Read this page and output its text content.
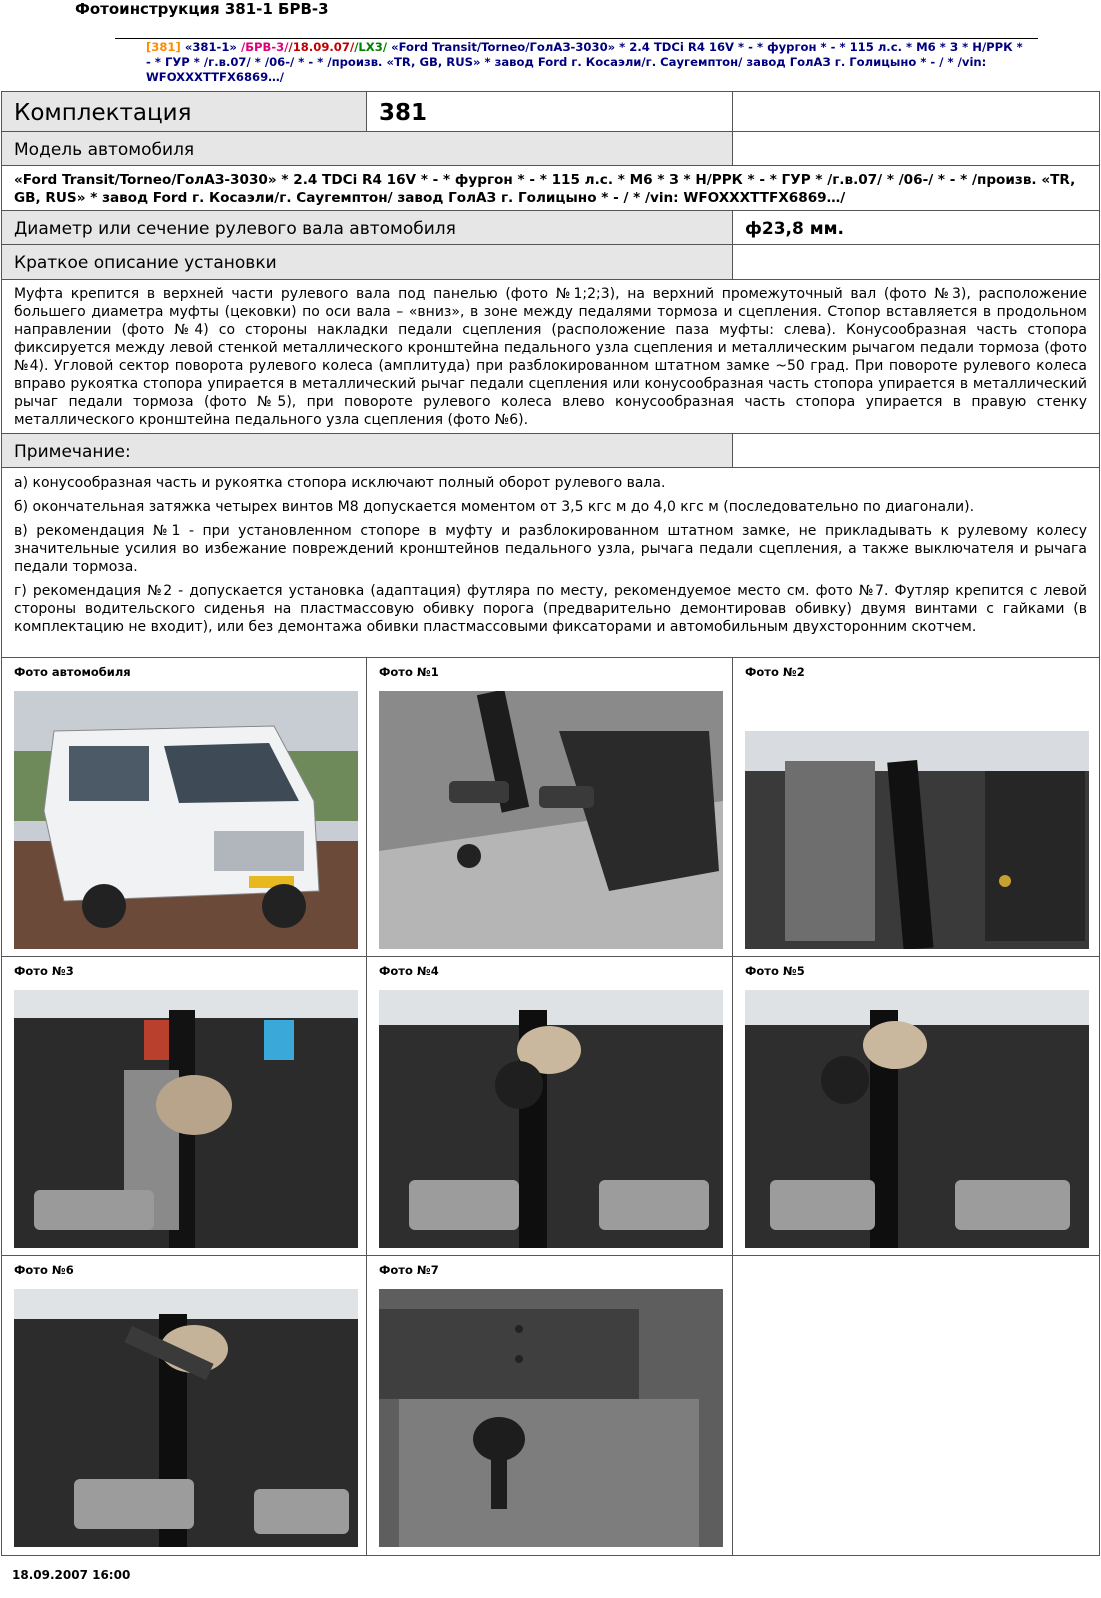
Фотоинструкция 381-1 БРВ-3
[381] «381-1» /БРВ-3//18.09.07//LX3/ «Ford Transit/Torneo/ГолАЗ-3030» * 2.4 TDCi R4 16V * - * фургон * - * 115 л.с. * М6 * З * Н/РРК * - * ГУР * /г.в.07/ * /06-/ * - * /произв. «TR, GB, RUS» * завод Ford г. Косаэли/г. Саугемптон/ завод ГолАЗ г. Голицыно * - / * /vin: WFOXXXTTFX6869…/
Комплектация	381
Модель автомобиля
«Ford Transit/Torneo/ГолАЗ-3030» * 2.4 TDCi R4 16V * - * фургон * - * 115 л.с. * М6 * З * Н/РРК * - * ГУР * /г.в.07/ * /06-/ * - * /произв. «TR, GB, RUS» * завод Ford г. Косаэли/г. Саугемптон/ завод ГолАЗ г. Голицыно * - / * /vin: WFOXXXTTFX6869…/
Диаметр или сечение рулевого вала автомобиля	ф23,8 мм.
Краткое описание установки
Муфта крепится в верхней части рулевого вала под панелью (фото №1;2;3), на верхний промежуточный вал (фото №3), расположение большего диаметра муфты (цековки) по оси вала – «вниз», в зоне между педалями тормоза и сцепления. Стопор вставляется в продольном направлении (фото №4) со стороны накладки педали сцепления (расположение паза муфты: слева). Конусообразная часть стопора фиксируется между левой стенкой металлического кронштейна педального узла сцепления и металлическим рычагом педали тормоза (фото №4). Угловой сектор поворота рулевого колеса (амплитуда) при разблокированном штатном замке ~50 град. При повороте рулевого колеса вправо рукоятка стопора упирается в металлический рычаг педали сцепления или конусообразная часть стопора упирается в металлический рычаг педали тормоза (фото №5), при повороте рулевого колеса влево конусообразная часть стопора упирается в правую стенку металлического кронштейна педального узла сцепления (фото №6).
Примечание:
а) конусообразная часть и рукоятка стопора исключают полный оборот рулевого вала.
б) окончательная затяжка четырех винтов М8 допускается моментом от 3,5 кгс м до 4,0 кгс м (последовательно по диагонали).
в) рекомендация №1 - при установленном стопоре в муфту и разблокированном штатном замке, не прикладывать к рулевому колесу значительные усилия во избежание повреждений кронштейнов педального узла, рычага педали сцепления, а также выключателя и рычага педали тормоза.
г) рекомендация №2 - допускается установка (адаптация) футляра по месту, рекомендуемое место см. фото №7. Футляр крепится с левой стороны водительского сиденья на пластмассовую обивку порога (предварительно демонтировав обивку) двумя винтами с гайками (в комплектацию не входит), или без демонтажа обивки пластмассовыми фиксаторами и автомобильным двухсторонним скотчем.
Фото автомобиля	Фото №1	Фото №2
Фото №3	Фото №4	Фото №5
Фото №6	Фото №7
18.09.2007 16:00
